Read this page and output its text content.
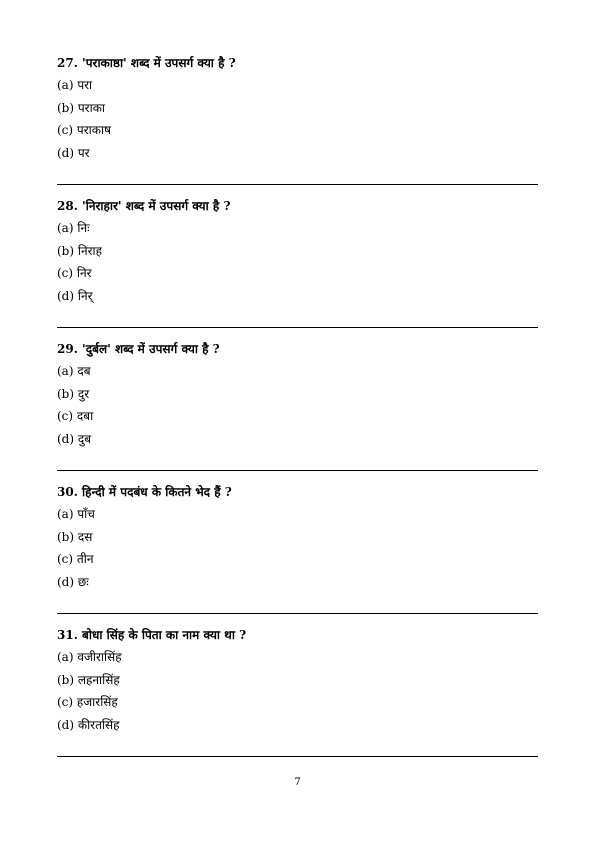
27. 'पराकाष्ठा' शब्द में उपसर्ग क्या है ?
(a) परा
(b) पराका
(c) पराकाष
(d) पर
28. 'निराहार' शब्द में उपसर्ग क्या है ?
(a) निः
(b) निराह
(c) निर
(d) निर्
29. 'दुर्बल' शब्द में उपसर्ग क्या है ?
(a) दब
(b) दुर
(c) दबा
(d) दुब
30. हिन्दी में पदबंध के कितने भेद हैं ?
(a) पाँच
(b) दस
(c) तीन
(d) छः
31. बोधा सिंह के पिता का नाम क्या था ?
(a) वजीरासिंह
(b) लहनासिंह
(c) हजारसिंह
(d) कीरतसिंह
7
